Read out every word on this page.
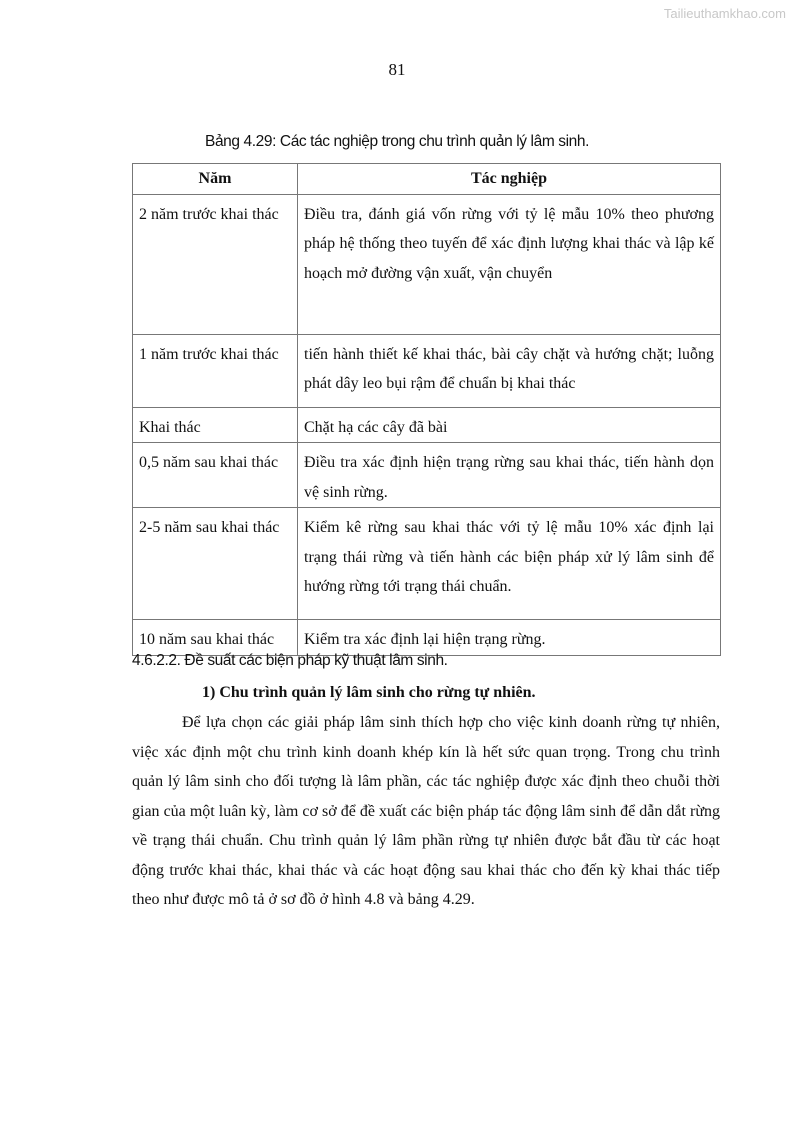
Tailieuthamkhao.com
81
Bảng 4.29: Các tác nghiệp trong chu trình quản lý lâm sinh.
Năm	Tác nghiệp
2 năm trước khai thác	Điều tra, đánh giá vốn rừng với tỷ lệ mẫu 10% theo phương pháp hệ thống theo tuyến để xác định lượng khai thác và lập kế hoạch mở đường vận xuất, vận chuyển
1 năm trước khai thác	tiến hành thiết kế khai thác, bài cây chặt và hướng chặt; luỗng phát dây leo bụi rậm để chuẩn bị khai thác
Khai thác	Chặt hạ các cây đã bài
0,5 năm sau khai thác	Điều tra xác định hiện trạng rừng sau khai thác, tiến hành dọn vệ sinh rừng.
2-5 năm sau khai thác	Kiểm kê rừng sau khai thác với tỷ lệ mẫu 10% xác định lại trạng thái rừng và tiến hành các biện pháp xử lý lâm sinh để hướng rừng tới trạng thái chuẩn.
10 năm sau khai thác	Kiểm tra xác định lại hiện trạng rừng.
4.6.2.2. Đề suất các biện pháp kỹ thuật lâm sinh.
1) Chu trình quản lý lâm sinh cho rừng tự nhiên.
Để lựa chọn các giải pháp lâm sinh thích hợp cho việc kinh doanh rừng tự nhiên, việc xác định một chu trình kinh doanh khép kín là hết sức quan trọng. Trong chu trình quản lý lâm sinh cho đối tượng là lâm phần, các tác nghiệp được xác định theo chuỗi thời gian của một luân kỳ, làm cơ sở để đề xuất các biện pháp tác động lâm sinh để dẫn dắt rừng về trạng thái chuẩn. Chu trình quản lý lâm phần rừng tự nhiên được bắt đầu từ các hoạt động trước khai thác, khai thác và các hoạt động sau khai thác cho đến kỳ khai thác tiếp theo như được mô tả ở sơ đồ ở hình 4.8 và bảng 4.29.
